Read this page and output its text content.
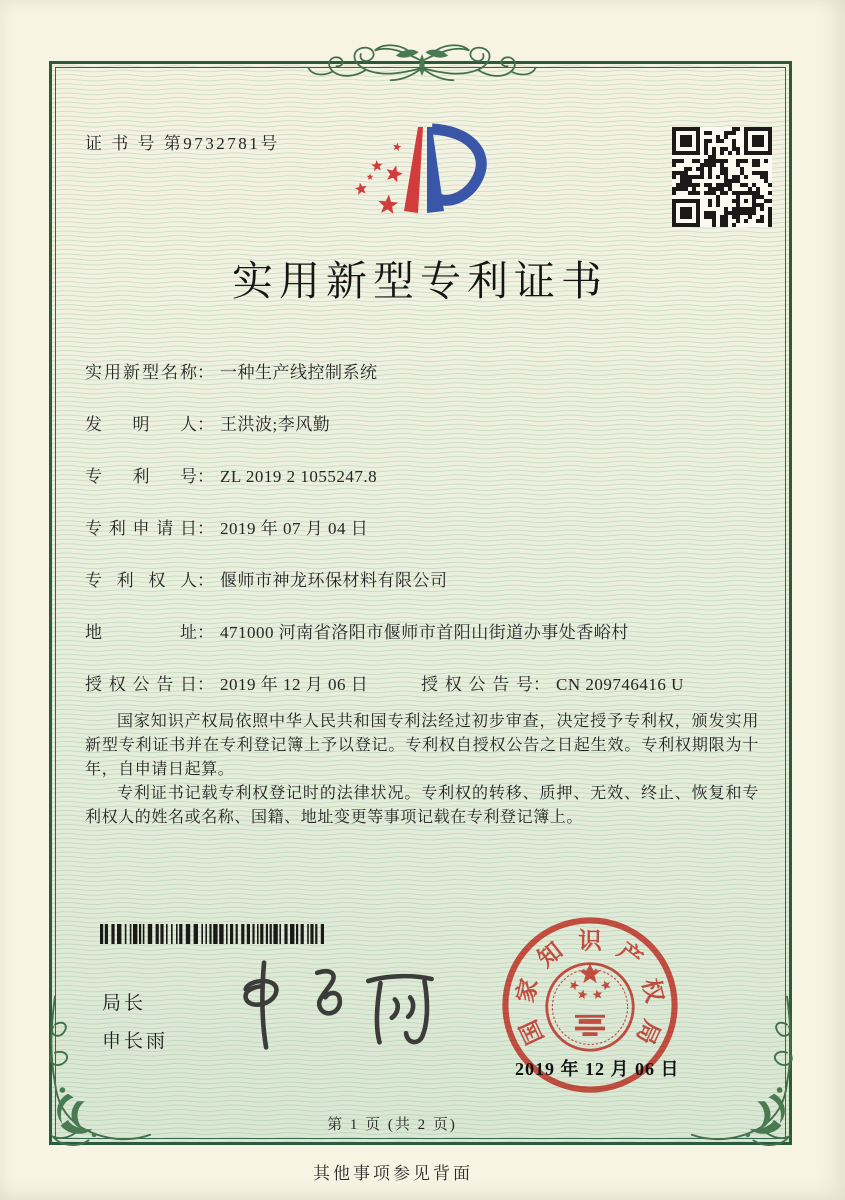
证 书 号 第9732781号
实用新型专利证书
实用新型名称： 一种生产线控制系统
发明人： 王洪波;李风勤
专利号： ZL 2019 2 1055247.8
专利申请日： 2019 年 07 月 04 日
专利权人： 偃师市神龙环保材料有限公司
地址： 471000 河南省洛阳市偃师市首阳山街道办事处香峪村
授权公告日： 2019 年 12 月 06 日	授权公告号： CN 209746416 U

国家知识产权局依照中华人民共和国专利法经过初步审查，决定授予专利权，颁发实用新型专利证书并在专利登记簿上予以登记。专利权自授权公告之日起生效。专利权期限为十年，自申请日起算。

专利证书记载专利权登记时的法律状况。专利权的转移、质押、无效、终止、恢复和专利权人的姓名或名称、国籍、地址变更等事项记载在专利登记簿上。

局长
申长雨	国
家
知 识 产
权
局
2019 年 12 月 06 日
第 1 页 (共 2 页)
其他事项参见背面
